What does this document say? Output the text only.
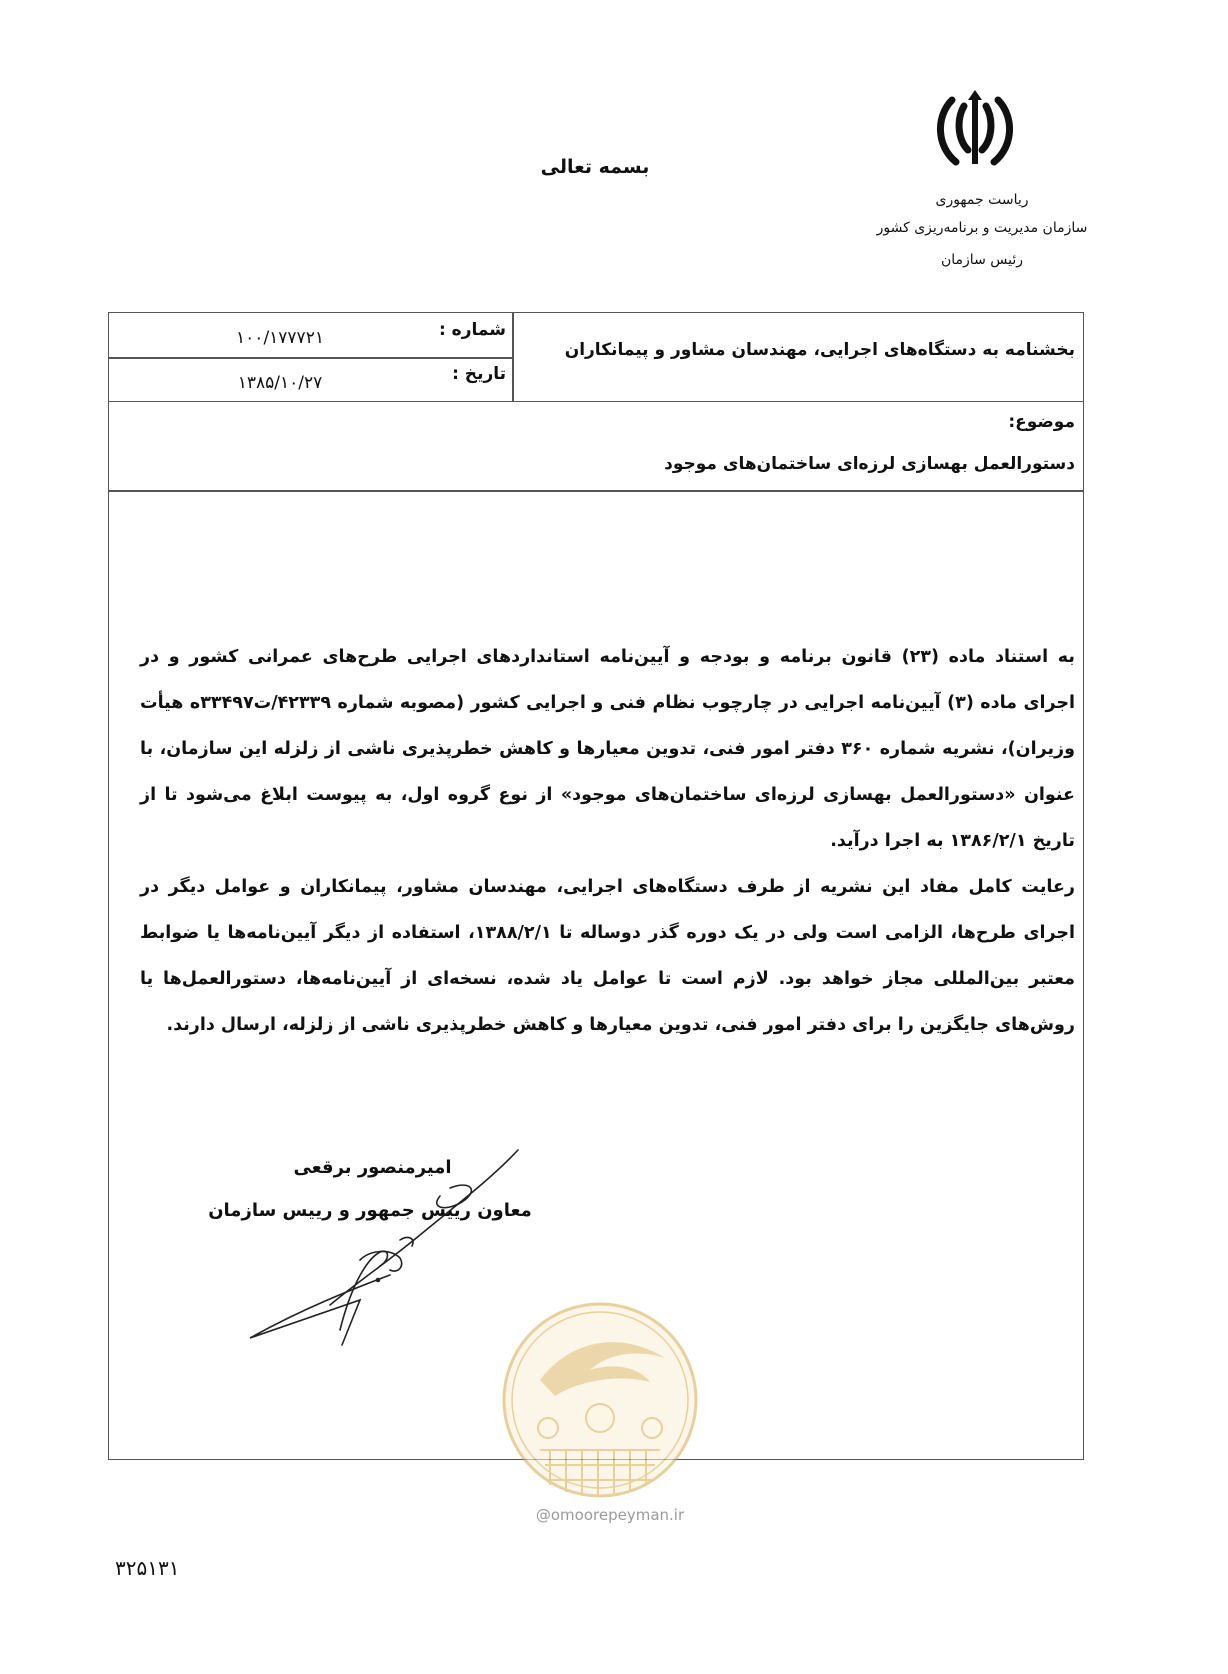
بسمه تعالی
ریاست جمهوری
سازمان مدیریت و برنامه‌ریزی کشور
رئیس سازمان
بخشنامه به دستگاه‌های اجرایی، مهندسان مشاور و پیمانکاران
شماره :
۱۰۰/۱۷۷۷۲۱
تاریخ :
۱۳۸۵/۱۰/۲۷
موضوع:
دستورالعمل بهسازی لرزه‌ای ساختمان‌های موجود

به استناد ماده (۲۳) قانون برنامه و بودجه و آیین‌نامه استانداردهای اجرایی طرح‌های عمرانی کشور و در اجرای ماده (۳) آیین‌نامه اجرایی در چارچوب نظام فنی و اجرایی کشور (مصوبه شماره ۴۲۳۳۹/ت۳۳۴۹۷ه هیأت وزیران)، نشریه شماره ۳۶۰ دفتر امور فنی، تدوین معیارها و کاهش خطرپذیری ناشی از زلزله این سازمان، با عنوان «دستورالعمل بهسازی لرزه‌ای ساختمان‌های موجود» از نوع گروه اول، به پیوست ابلاغ می‌شود تا از تاریخ ۱۳۸۶/۲/۱ به اجرا درآید.

رعایت کامل مفاد این نشریه از طرف دستگاه‌های اجرایی، مهندسان مشاور، پیمانکاران و عوامل دیگر در اجرای طرح‌ها، الزامی است ولی در یک دوره گذر دوساله تا ۱۳۸۸/۲/۱، استفاده از دیگر آیین‌نامه‌ها یا ضوابط معتبر بین‌المللی مجاز خواهد بود. لازم است تا عوامل یاد شده، نسخه‌ای از آیین‌نامه‌ها، دستورالعمل‌ها یا روش‌های جایگزین را برای دفتر امور فنی، تدوین معیارها و کاهش خطرپذیری ناشی از زلزله، ارسال دارند.

امیرمنصور برقعی
معاون رییس جمهور و رییس سازمان
@omoorepeyman.ir
۳۲۵۱۳۱
